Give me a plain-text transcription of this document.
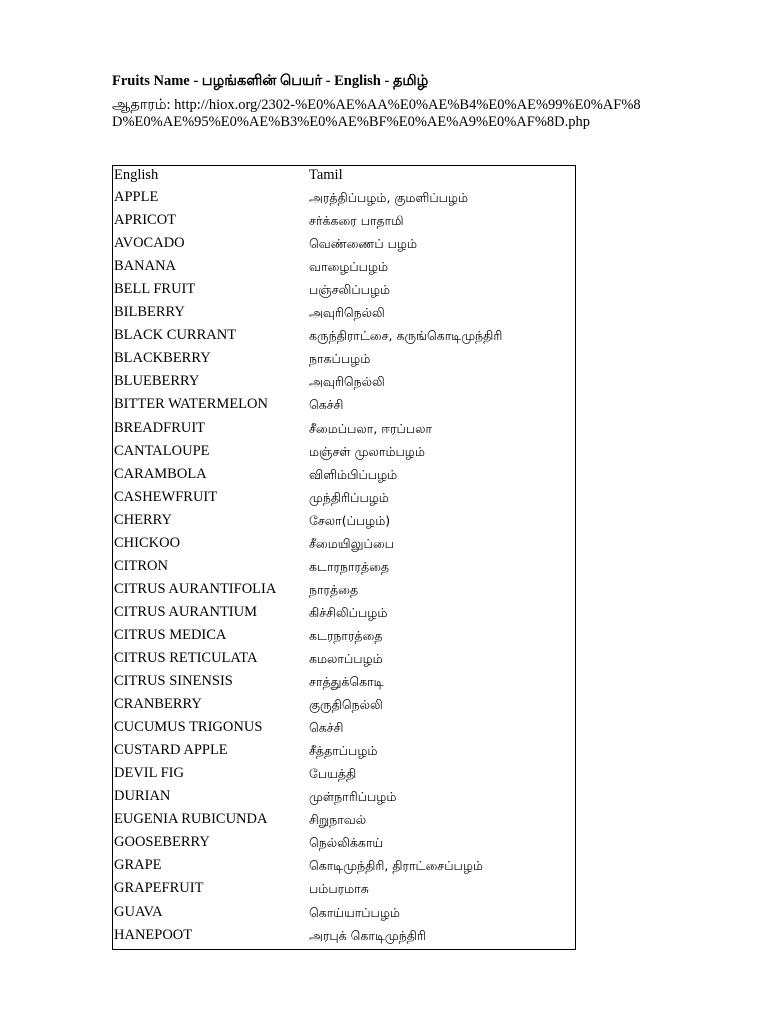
Fruits Name - பழங்களின் பெயர் - English - தமிழ்
ஆதாரம்: http://hiox.org/2302-%E0%AE%AA%E0%AE%B4%E0%AE%99%E0%AF%8D%E0%AE%95%E0%AE%B3%E0%AE%BF%E0%AE%A9%E0%AF%8D.php
English	Tamil
APPLE	அரத்திப்பழம், குமளிப்பழம்
APRICOT	சர்க்கரை பாதாமி
AVOCADO	வெண்ணைப் பழம்
BANANA	வாழைப்பழம்
BELL FRUIT	பஞ்சலிப்பழம்
BILBERRY	அவுரிநெல்லி
BLACK CURRANT	கருந்திராட்சை, கருங்கொடிமுந்திரி
BLACKBERRY	நாகப்பழம்
BLUEBERRY	அவுரிநெல்லி
BITTER WATERMELON	கெச்சி
BREADFRUIT	சீமைப்பலா, ஈரப்பலா
CANTALOUPE	மஞ்சள் முலாம்பழம்
CARAMBOLA	விளிம்பிப்பழம்
CASHEWFRUIT	முந்திரிப்பழம்
CHERRY	சேலா(ப்பழம்)
CHICKOO	சீமையிலுப்பை
CITRON	கடாரநாரத்தை
CITRUS AURANTIFOLIA	நாரத்தை
CITRUS AURANTIUM	கிச்சிலிப்பழம்
CITRUS MEDICA	கடரநாரத்தை
CITRUS RETICULATA	கமலாப்பழம்
CITRUS SINENSIS	சாத்துக்கொடி
CRANBERRY	குருதிநெல்லி
CUCUMUS TRIGONUS	கெச்சி
CUSTARD APPLE	சீத்தாப்பழம்
DEVIL FIG	பேயத்தி
DURIAN	முள்நாரிப்பழம்
EUGENIA RUBICUNDA	சிறுநாவல்
GOOSEBERRY	நெல்லிக்காய்
GRAPE	கொடிமுந்திரி, திராட்சைப்பழம்
GRAPEFRUIT	பம்பரமாசு
GUAVA	கொய்யாப்பழம்
HANEPOOT	அரபுக் கொடிமுந்திரி
